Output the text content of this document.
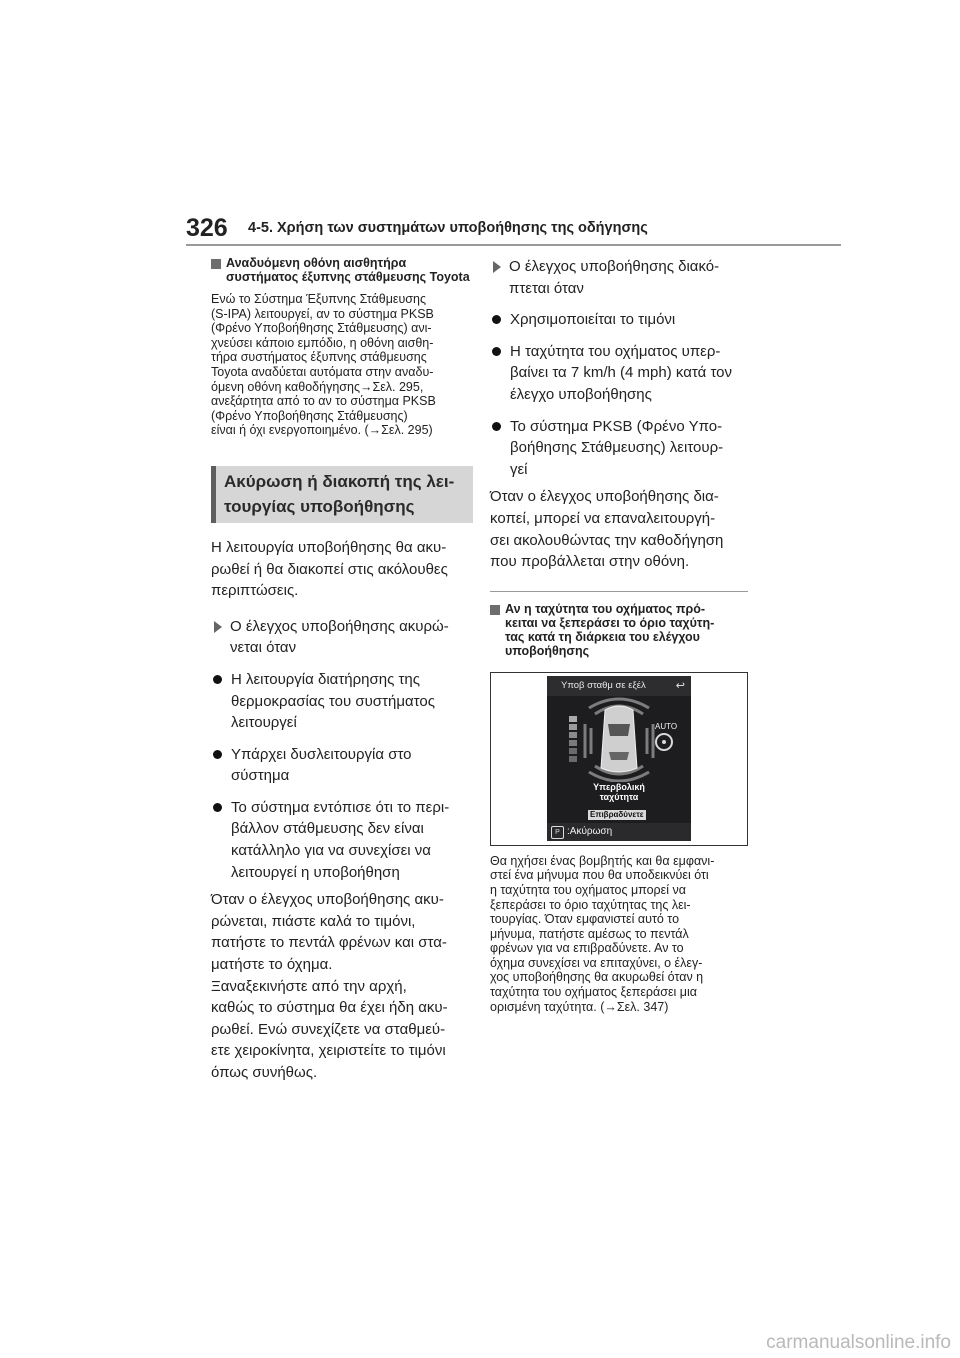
326 4-5. Χρήση των συστημάτων υποβοήθησης της οδήγησης
Αναδυόμενη οθόνη αισθητήρα συστήματος έξυπνης στάθμευσης Toyota
Ενώ το Σύστημα Έξυπνης Στάθμευσης
(S-IPA) λειτουργεί, αν το σύστημα PKSB
(Φρένο Υποβοήθησης Στάθμευσης) ανι-
χνεύσει κάποιο εμπόδιο, η οθόνη αισθη-
τήρα συστήματος έξυπνης στάθμευσης
Toyota αναδύεται αυτόματα στην αναδυ-
όμενη οθόνη καθοδήγησης→Σελ. 295,
ανεξάρτητα από το αν το σύστημα PKSB
(Φρένο Υποβοήθησης Στάθμευσης)
είναι ή όχι ενεργοποιημένο. (→Σελ. 295)
Ακύρωση ή διακοπή της λει-
τουργίας υποβοήθησης
Η λειτουργία υποβοήθησης θα ακυ-
ρωθεί ή θα διακοπεί στις ακόλουθες
περιπτώσεις.
Ο έλεγχος υποβοήθησης ακυρώ-
νεται όταν
Η λειτουργία διατήρησης της
θερμοκρασίας του συστήματος
λειτουργεί
Υπάρχει δυσλειτουργία στο
σύστημα
Το σύστημα εντόπισε ότι το περι-
βάλλον στάθμευσης δεν είναι
κατάλληλο για να συνεχίσει να
λειτουργεί η υποβοήθηση
Όταν ο έλεγχος υποβοήθησης ακυ-
ρώνεται, πιάστε καλά το τιμόνι,
πατήστε το πεντάλ φρένων και στα-
ματήστε το όχημα.
Ξαναξεκινήστε από την αρχή,
καθώς το σύστημα θα έχει ήδη ακυ-
ρωθεί. Ενώ συνεχίζετε να σταθμεύ-
ετε χειροκίνητα, χειριστείτε το τιμόνι
όπως συνήθως.
Ο έλεγχος υποβοήθησης διακό-
πτεται όταν
Χρησιμοποιείται το τιμόνι
Η ταχύτητα του οχήματος υπερ-
βαίνει τα 7 km/h (4 mph) κατά τον
έλεγχο υποβοήθησης
Το σύστημα PKSB (Φρένο Υπο-
βοήθησης Στάθμευσης) λειτουρ-
γεί
Όταν ο έλεγχος υποβοήθησης δια-
κοπεί, μπορεί να επαναλειτουργή-
σει ακολουθώντας την καθοδήγηση
που προβάλλεται στην οθόνη.
Αν η ταχύτητα του οχήματος πρό-
κειται να ξεπεράσει το όριο ταχύτη-
τας κατά τη διάρκεια του ελέγχου
υποβοήθησης
Υποβ σταθμ σε εξέλ	↩
AUTO
Υπερβολική
ταχύτητα
Επιβραδύνετε
P :Ακύρωση
Θα ηχήσει ένας βομβητής και θα εμφανι-
στεί ένα μήνυμα που θα υποδεικνύει ότι
η ταχύτητα του οχήματος μπορεί να
ξεπεράσει το όριο ταχύτητας της λει-
τουργίας. Όταν εμφανιστεί αυτό το
μήνυμα, πατήστε αμέσως το πεντάλ
φρένων για να επιβραδύνετε. Αν το
όχημα συνεχίσει να επιταχύνει, ο έλεγ-
χος υποβοήθησης θα ακυρωθεί όταν η
ταχύτητα του οχήματος ξεπεράσει μια
ορισμένη ταχύτητα. (→Σελ. 347)
carmanualsonline.info
